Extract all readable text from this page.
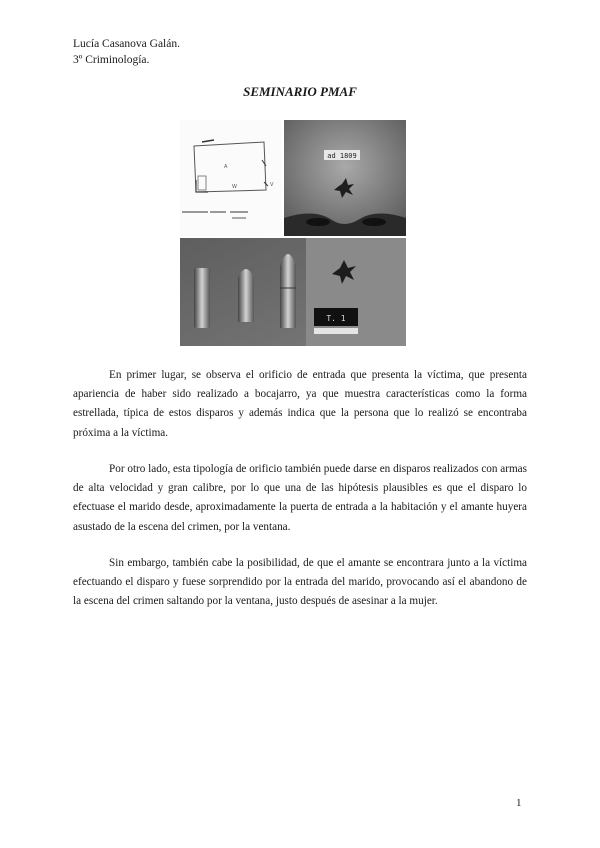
Lucía Casanova Galán.
3º Criminología.
SEMINARIO PMAF
A
W	V
ad 1809
T. 1

En primer lugar, se observa el orificio de entrada que presenta la víctima, que presenta apariencia de haber sido realizado a bocajarro, ya que muestra características como la forma estrellada, típica de estos disparos y además indica que la persona que lo realizó se encontraba próxima a la víctima.

Por otro lado, esta tipología de orificio también puede darse en disparos realizados con armas de alta velocidad y gran calibre, por lo que una de las hipótesis plausibles es que el disparo lo efectuase el marido desde, aproximadamente la puerta de entrada a la habitación y el amante huyera asustado de la escena del crimen, por la ventana.

Sin embargo, también cabe la posibilidad, de que el amante se encontrara junto a la víctima efectuando el disparo y fuese sorprendido por la entrada del marido, provocando así el abandono de la escena del crimen saltando por la ventana, justo después de asesinar a la mujer.

1
